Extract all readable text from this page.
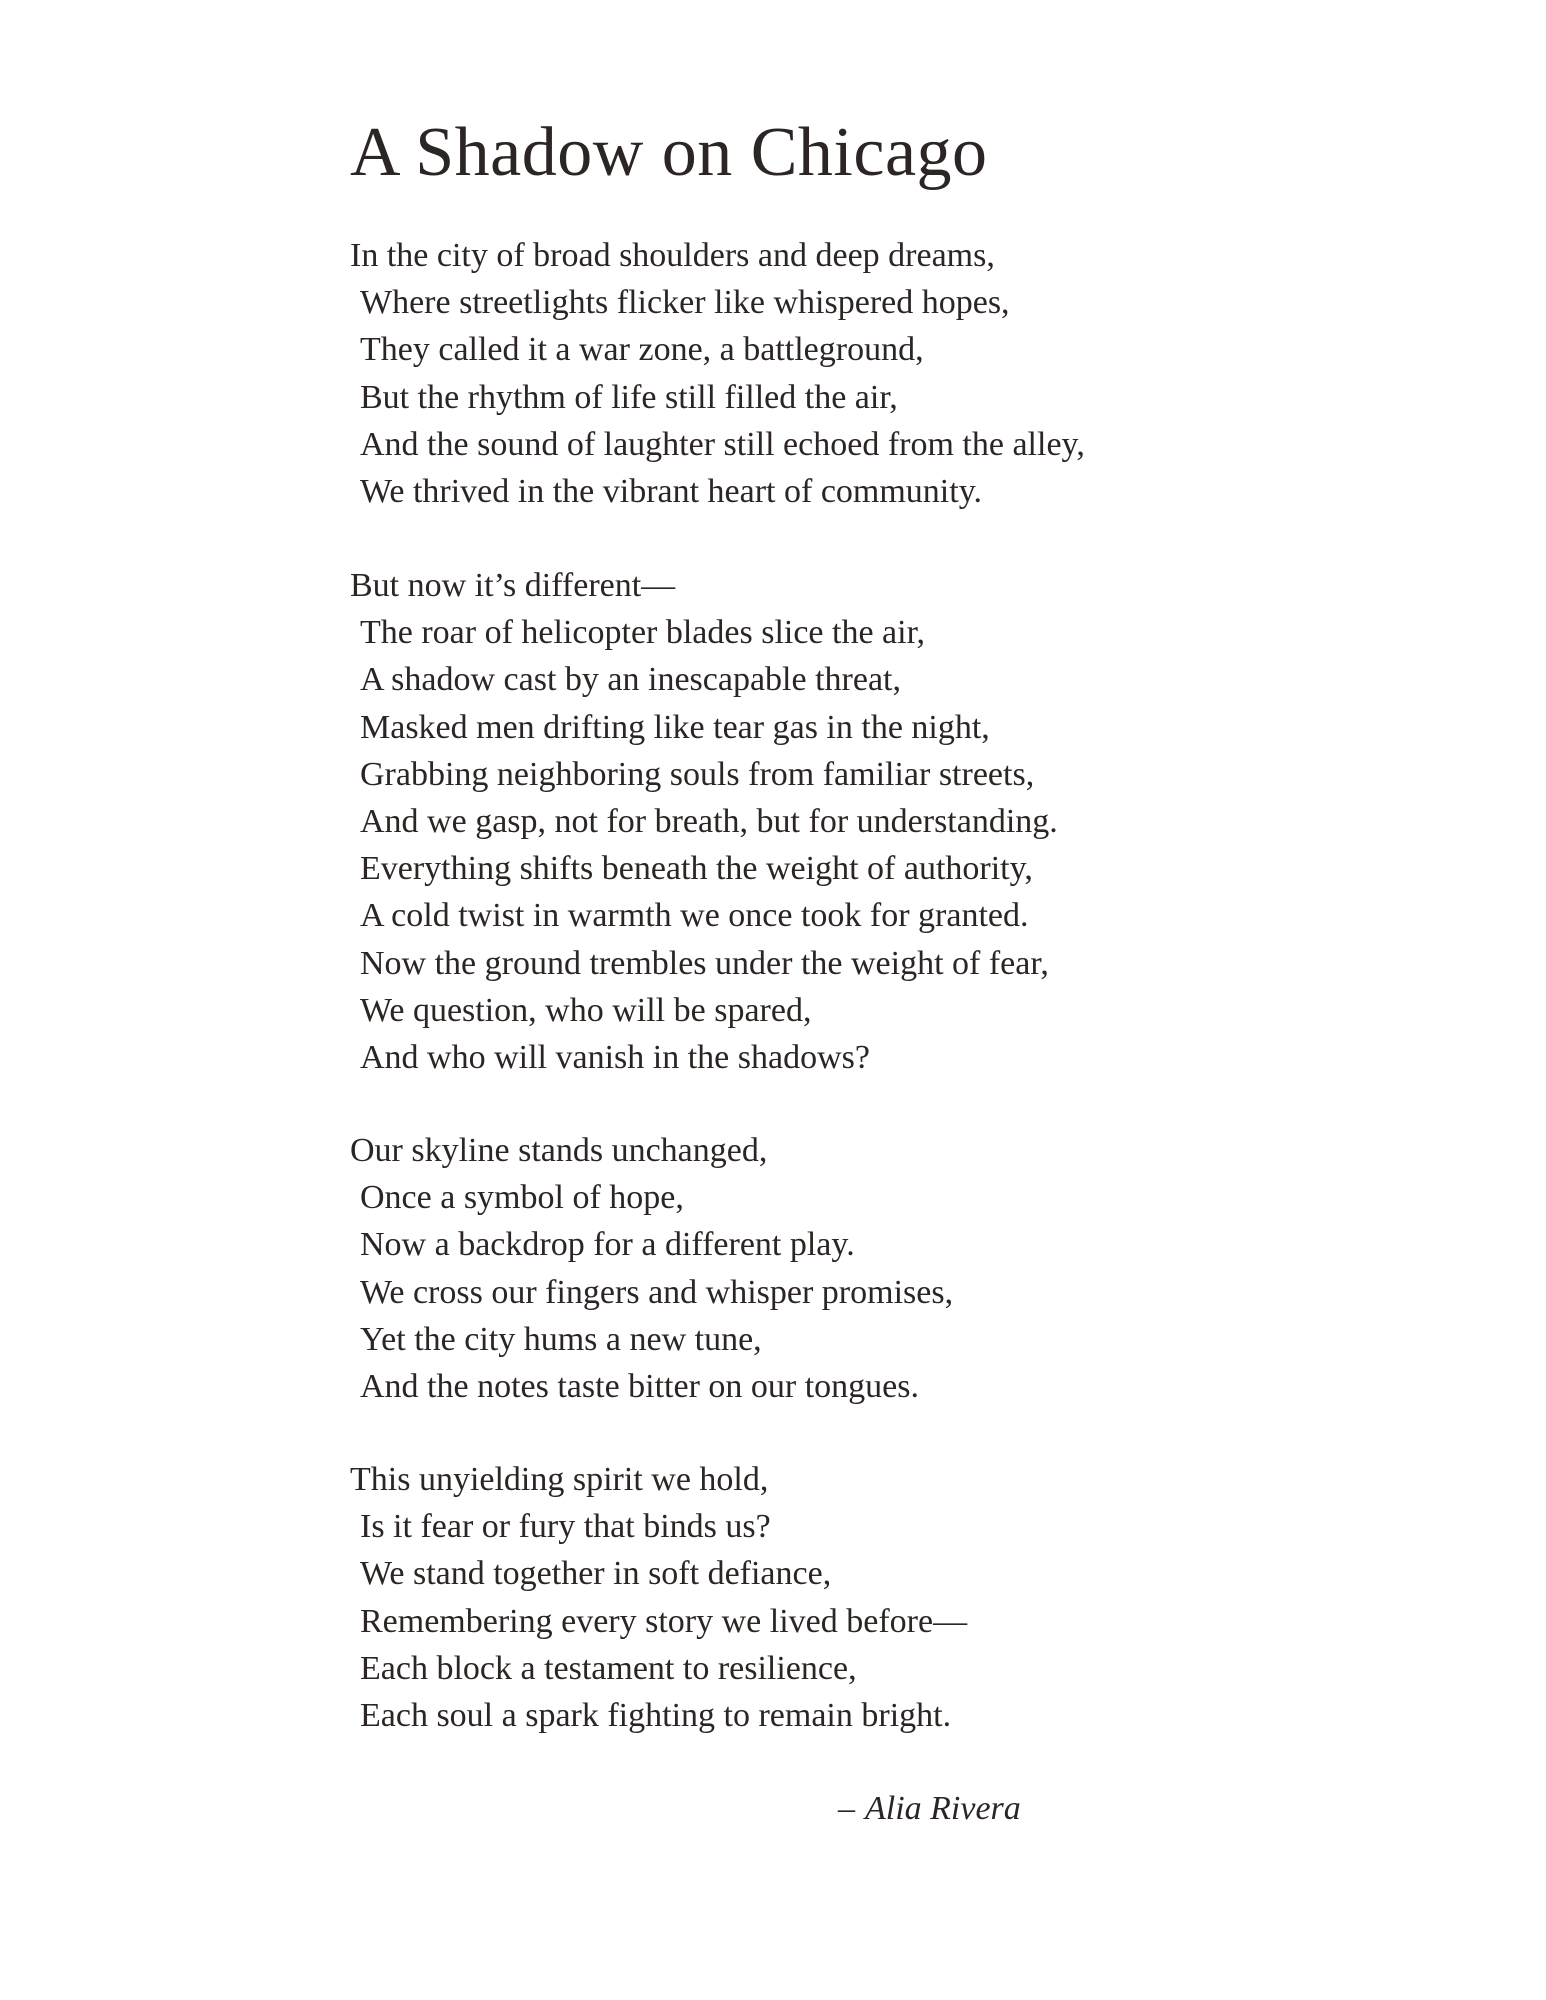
A Shadow on Chicago
In the city of broad shoulders and deep dreams,
Where streetlights flicker like whispered hopes,
They called it a war zone, a battleground,
But the rhythm of life still filled the air,
And the sound of laughter still echoed from the alley,
We thrived in the vibrant heart of community.
But now it’s different—
The roar of helicopter blades slice the air,
A shadow cast by an inescapable threat,
Masked men drifting like tear gas in the night,
Grabbing neighboring souls from familiar streets,
And we gasp, not for breath, but for understanding.
Everything shifts beneath the weight of authority,
A cold twist in warmth we once took for granted.
Now the ground trembles under the weight of fear,
We question, who will be spared,
And who will vanish in the shadows?
Our skyline stands unchanged,
Once a symbol of hope,
Now a backdrop for a different play.
We cross our fingers and whisper promises,
Yet the city hums a new tune,
And the notes taste bitter on our tongues.
This unyielding spirit we hold,
Is it fear or fury that binds us?
We stand together in soft defiance,
Remembering every story we lived before—
Each block a testament to resilience,
Each soul a spark fighting to remain bright.
– Alia Rivera
